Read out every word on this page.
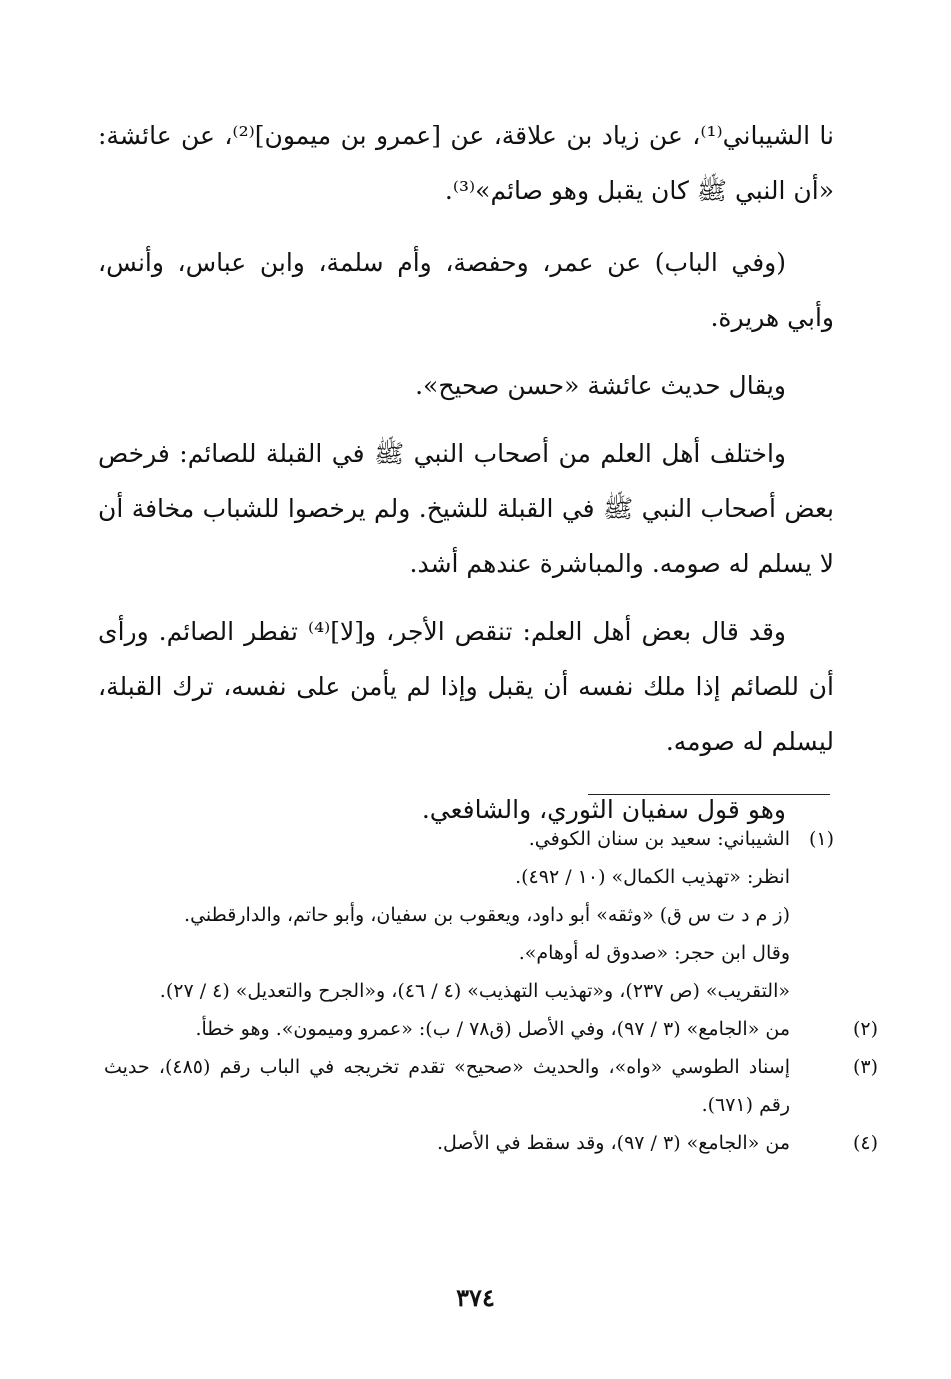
نا الشيباني⁽¹⁾، عن زياد بن علاقة، عن [عمرو بن ميمون]⁽²⁾، عن عائشة: «أن النبي ﷺ كان يقبل وهو صائم»⁽³⁾.

(وفي الباب) عن عمر، وحفصة، وأم سلمة، وابن عباس، وأنس، وأبي هريرة.

ويقال حديث عائشة «حسن صحيح».

واختلف أهل العلم من أصحاب النبي ﷺ في القبلة للصائم: فرخص بعض أصحاب النبي ﷺ في القبلة للشيخ. ولم يرخصوا للشباب مخافة أن لا يسلم له صومه. والمباشرة عندهم أشد.

وقد قال بعض أهل العلم: تنقص الأجر، و[لا]⁽⁴⁾ تفطر الصائم. ورأى أن للصائم إذا ملك نفسه أن يقبل وإذا لم يأمن على نفسه، ترك القبلة، ليسلم له صومه.

وهو قول سفيان الثوري، والشافعي.

(١)الشيباني: سعيد بن سنان الكوفي.

انظر: «تهذيب الكمال» (١٠ / ٤٩٢).

(ز م د ت س ق) «وثقه» أبو داود، ويعقوب بن سفيان، وأبو حاتم، والدارقطني.

وقال ابن حجر: «صدوق له أوهام».

«التقريب» (ص ٢٣٧)، و«تهذيب التهذيب» (٤ / ٤٦)، و«الجرح والتعديل» (٤ / ٢٧).

(٢)من «الجامع» (٣ / ٩٧)، وفي الأصل (ق٧٨ / ب): «عمرو وميمون». وهو خطأ.

(٣)إسناد الطوسي «واه»، والحديث «صحيح» تقدم تخريجه في الباب رقم (٤٨٥)، حديث رقم (٦٧١).

(٤)من «الجامع» (٣ / ٩٧)، وقد سقط في الأصل.

٣٧٤
